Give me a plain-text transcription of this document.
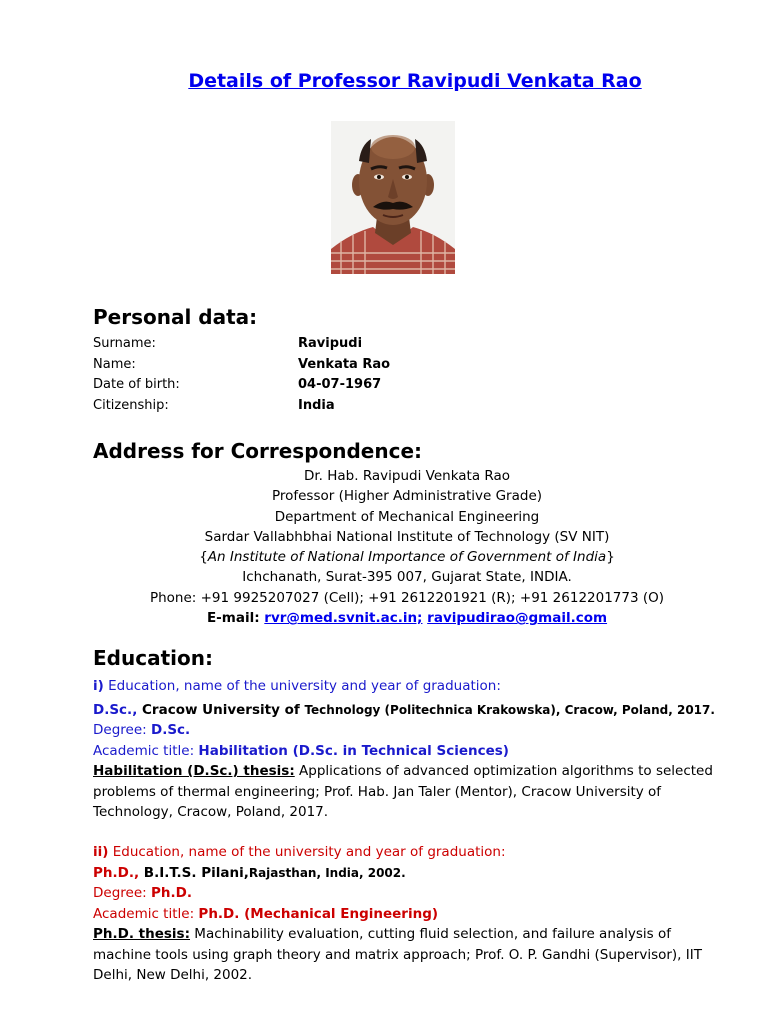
Details of Professor Ravipudi Venkata Rao
Personal data:
Surname:	Ravipudi
Name:	Venkata Rao
Date of birth:	04-07-1967
Citizenship:	India
Address for Correspondence:
Dr. Hab. Ravipudi Venkata Rao
Professor (Higher Administrative Grade)
Department of Mechanical Engineering
Sardar Vallabhbhai National Institute of Technology (SV NIT)
{An Institute of National Importance of Government of India}
Ichchanath, Surat-395 007, Gujarat State, INDIA.
Phone: +91 9925207027 (Cell); +91 2612201921 (R); +91 2612201773 (O)
E-mail: rvr@med.svnit.ac.in; ravipudirao@gmail.com
Education:
i) Education, name of the university and year of graduation:
D.Sc., Cracow University of Technology (Politechnica Krakowska), Cracow, Poland, 2017.
Degree: D.Sc.
Academic title: Habilitation (D.Sc. in Technical Sciences)
Habilitation (D.Sc.) thesis: Applications of advanced optimization algorithms to selected
problems of thermal engineering; Prof. Hab. Jan Taler (Mentor), Cracow University of
Technology, Cracow, Poland, 2017.
ii) Education, name of the university and year of graduation:
Ph.D., B.I.T.S. Pilani,Rajasthan, India, 2002.
Degree: Ph.D.
Academic title: Ph.D. (Mechanical Engineering)
Ph.D. thesis: Machinability evaluation, cutting fluid selection, and failure analysis of
machine tools using graph theory and matrix approach; Prof. O. P. Gandhi (Supervisor), IIT
Delhi, New Delhi, 2002.
